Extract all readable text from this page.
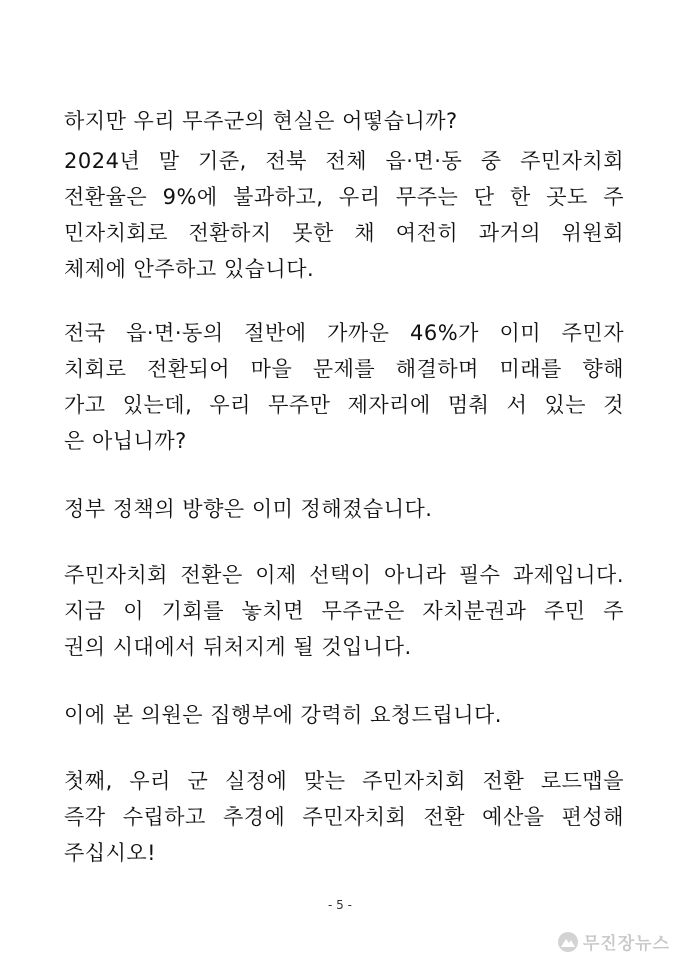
하지만 우리 무주군의 현실은 어떻습니까?
2024년 말 기준, 전북 전체 읍·면·동 중 주민자치회
전환율은 9%에 불과하고, 우리 무주는 단 한 곳도 주
민자치회로 전환하지 못한 채 여전히 과거의 위원회
체제에 안주하고 있습니다.
전국 읍·면·동의 절반에 가까운 46%가 이미 주민자
치회로 전환되어 마을 문제를 해결하며 미래를 향해
가고 있는데, 우리 무주만 제자리에 멈춰 서 있는 것
은 아닙니까?
정부 정책의 방향은 이미 정해졌습니다.
주민자치회 전환은 이제 선택이 아니라 필수 과제입니다.
지금 이 기회를 놓치면 무주군은 자치분권과 주민 주
권의 시대에서 뒤처지게 될 것입니다.
이에 본 의원은 집행부에 강력히 요청드립니다.
첫째, 우리 군 실정에 맞는 주민자치회 전환 로드맵을
즉각 수립하고 추경에 주민자치회 전환 예산을 편성해
주십시오!
- 5 -
무진장뉴스
